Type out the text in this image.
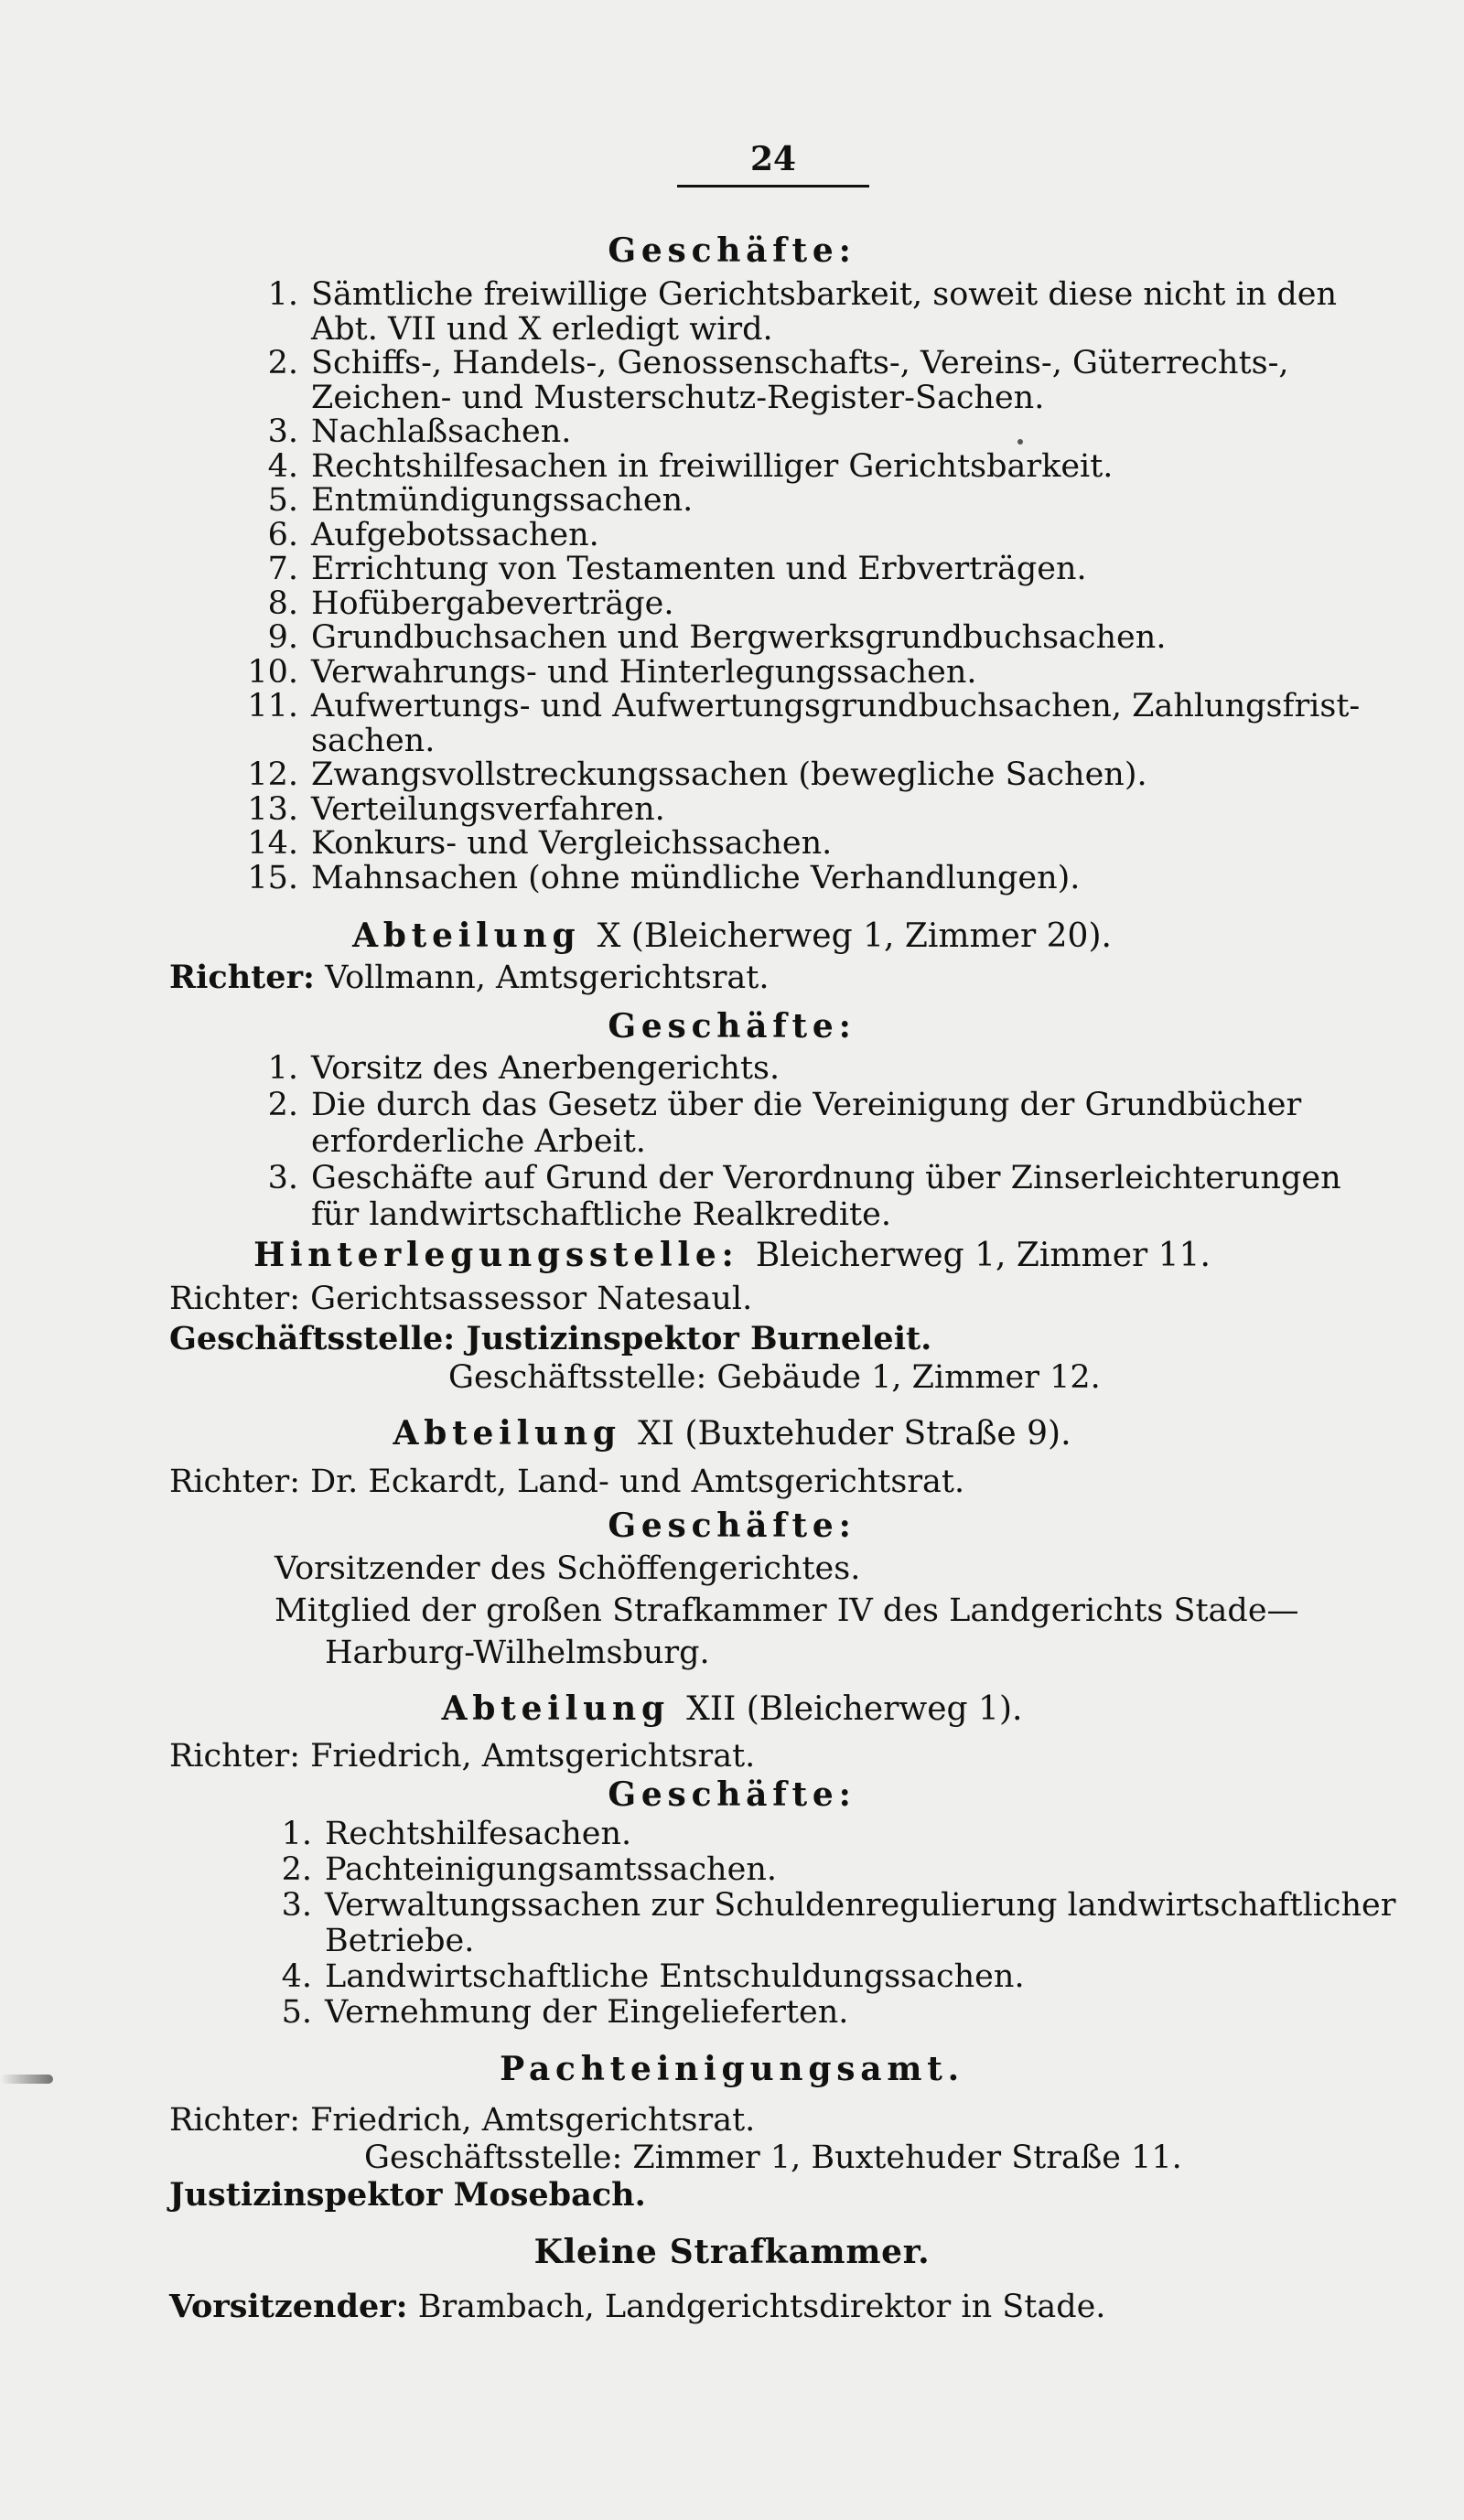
24
Geschäfte:
1. Sämtliche freiwillige Gerichtsbarkeit, soweit diese nicht in den
Abt. VII und X erledigt wird.
2. Schiffs-, Handels-, Genossenschafts-, Vereins-, Güterrechts-,
Zeichen- und Musterschutz-Register-Sachen.
3. Nachlaßsachen.
4. Rechtshilfesachen in freiwilliger Gerichtsbarkeit.
5. Entmündigungssachen.
6. Aufgebotssachen.
7. Errichtung von Testamenten und Erbverträgen.
8. Hofübergabeverträge.
9. Grundbuchsachen und Bergwerksgrundbuchsachen.
10. Verwahrungs- und Hinterlegungssachen.
11. Aufwertungs- und Aufwertungsgrundbuchsachen, Zahlungsfrist-
sachen.
12. Zwangsvollstreckungssachen (bewegliche Sachen).
13. Verteilungsverfahren.
14. Konkurs- und Vergleichssachen.
15. Mahnsachen (ohne mündliche Verhandlungen).
Abteilung X (Bleicherweg 1, Zimmer 20).
Richter: Vollmann, Amtsgerichtsrat.
Geschäfte:
1. Vorsitz des Anerbengerichts.
2. Die durch das Gesetz über die Vereinigung der Grundbücher
erforderliche Arbeit.
3. Geschäfte auf Grund der Verordnung über Zinserleichterungen
für landwirtschaftliche Realkredite.
Hinterlegungsstelle: Bleicherweg 1, Zimmer 11.
Richter: Gerichtsassessor Natesaul.
Geschäftsstelle: Justizinspektor Burneleit.
Geschäftsstelle: Gebäude 1, Zimmer 12.
Abteilung XI (Buxtehuder Straße 9).
Richter: Dr. Eckardt, Land- und Amtsgerichtsrat.
Geschäfte:
Vorsitzender des Schöffengerichtes.
Mitglied der großen Strafkammer IV des Landgerichts Stade—
Harburg-Wilhelmsburg.
Abteilung XII (Bleicherweg 1).
Richter: Friedrich, Amtsgerichtsrat.
Geschäfte:
1. Rechtshilfesachen.
2. Pachteinigungsamtssachen.
3. Verwaltungssachen zur Schuldenregulierung landwirtschaftlicher
Betriebe.
4. Landwirtschaftliche Entschuldungssachen.
5. Vernehmung der Eingelieferten.
Pachteinigungsamt.
Richter: Friedrich, Amtsgerichtsrat.
Geschäftsstelle: Zimmer 1, Buxtehuder Straße 11.
Justizinspektor Mosebach.
Kleine Strafkammer.
Vorsitzender: Brambach, Landgerichtsdirektor in Stade.
